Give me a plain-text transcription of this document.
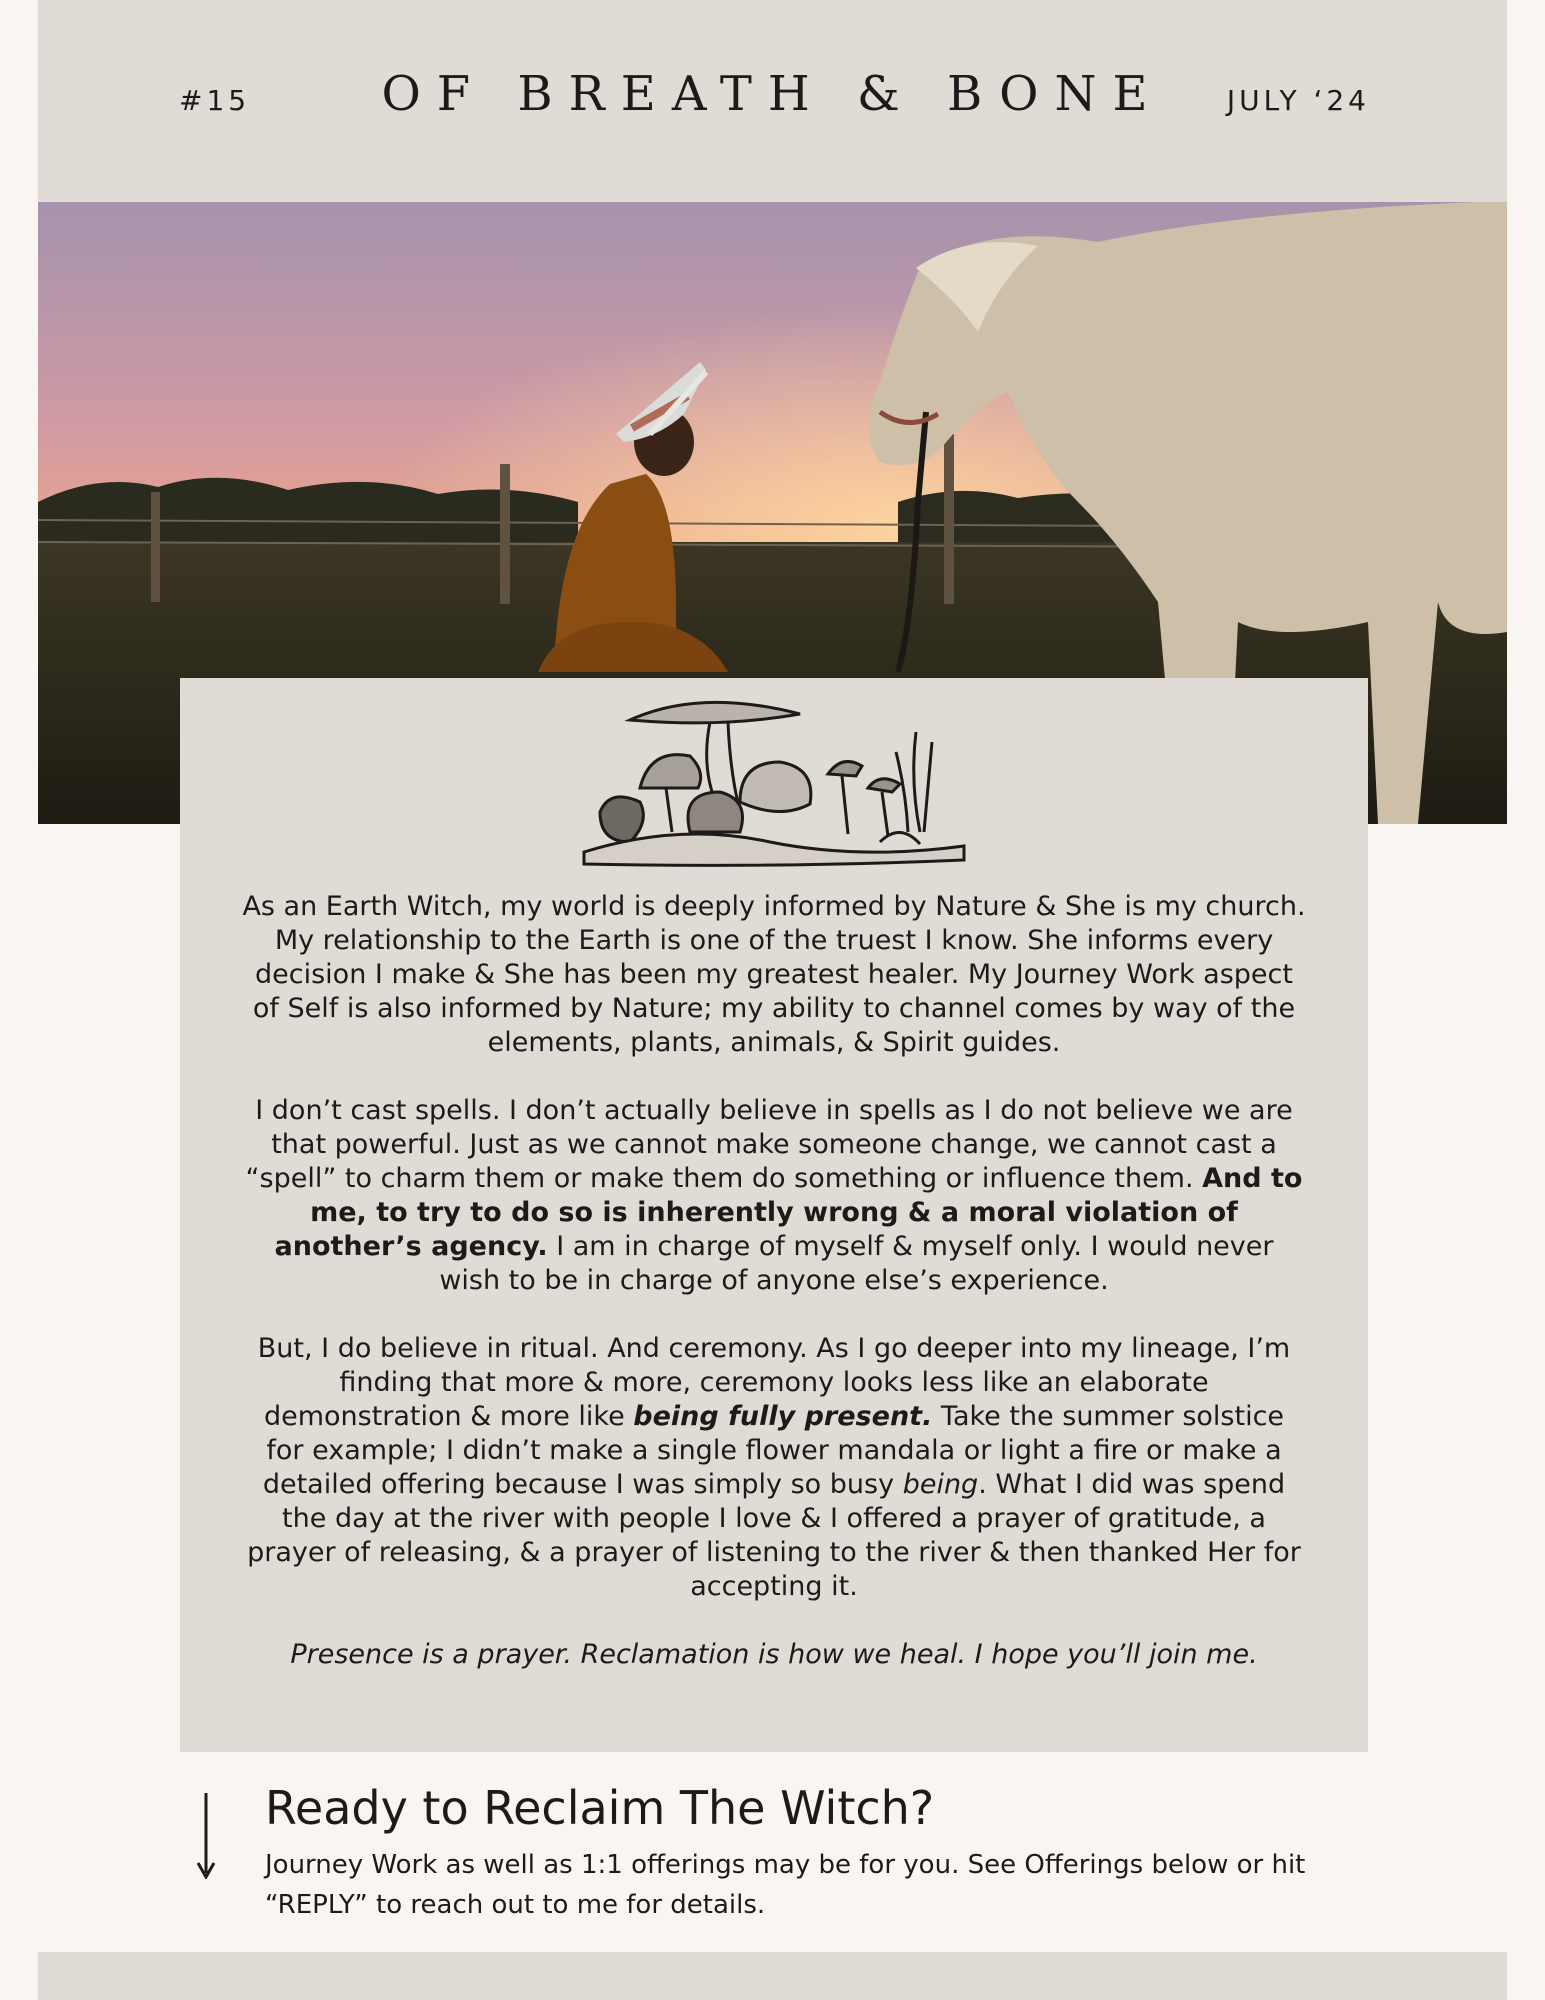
#15	OF BREATH & BONE	JULY ‘24

As an Earth Witch, my world is deeply informed by Nature & She is my church. My relationship to the Earth is one of the truest I know. She informs every decision I make & She has been my greatest healer. My Journey Work aspect of Self is also informed by Nature; my ability to channel comes by way of the elements, plants, animals, & Spirit guides.

I don’t cast spells. I don’t actually believe in spells as I do not believe we are that powerful. Just as we cannot make someone change, we cannot cast a “spell” to charm them or make them do something or influence them. And to me, to try to do so is inherently wrong & a moral violation of another’s agency. I am in charge of myself & myself only. I would never wish to be in charge of anyone else’s experience.

But, I do believe in ritual. And ceremony. As I go deeper into my lineage, I’m finding that more & more, ceremony looks less like an elaborate demonstration & more like being fully present. Take the summer solstice for example; I didn’t make a single flower mandala or light a fire or make a detailed offering because I was simply so busy being. What I did was spend the day at the river with people I love & I offered a prayer of gratitude, a prayer of releasing, & a prayer of listening to the river & then thanked Her for accepting it.

Presence is a prayer. Reclamation is how we heal. I hope you’ll join me.

Ready to Reclaim The Witch?
Journey Work as well as 1:1 offerings may be for you. See Offerings below or hit “REPLY” to reach out to me for details.
